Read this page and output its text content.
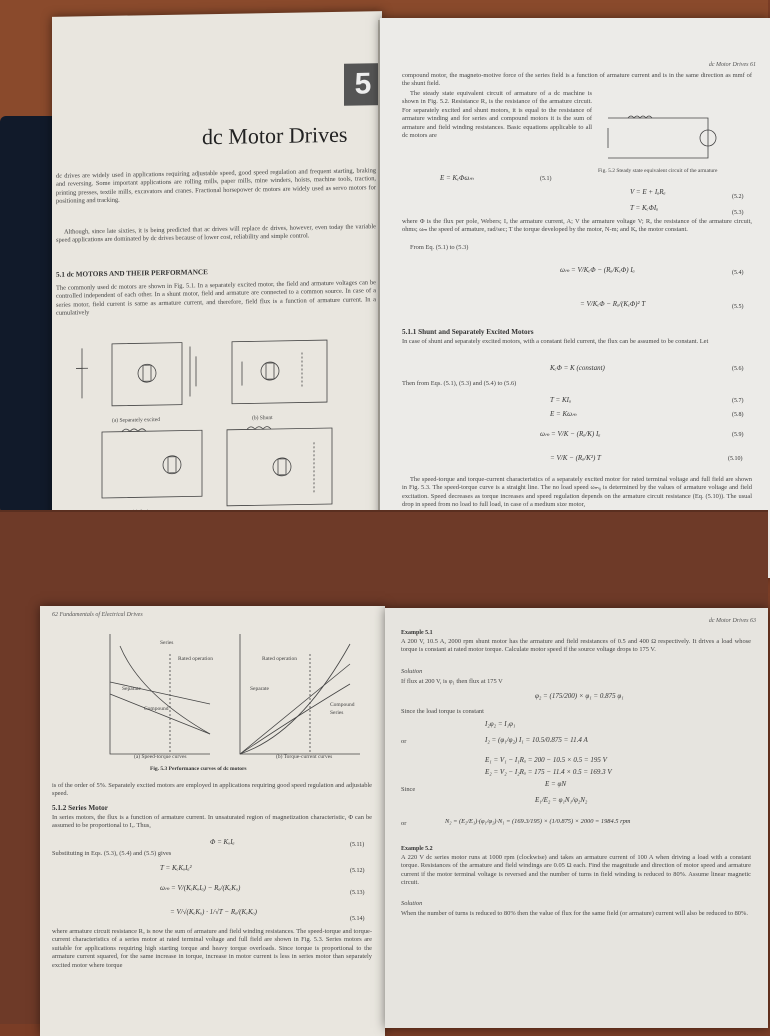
5
dc Motor Drives
dc drives are widely used in applications requiring adjustable speed, good speed regulation and frequent starting, braking and reversing. Some important applications are rolling mills, paper mills, mine winders, hoists, machine tools, traction, printing presses, textile mills, excavators and cranes. Fractional horsepower dc motors are widely used as servo motors for positioning and tracking.
Although, since late sixties, it is being predicted that ac drives will replace dc drives, however, even today the variable speed applications are dominated by dc drives because of lower cost, reliability and simple control.
5.1 dc MOTORS AND THEIR PERFORMANCE
The commonly used dc motors are shown in Fig. 5.1. In a separately excited motor, the field and armature voltages can be controlled independent of each other. In a shunt motor, field and armature are connected to a common source. In case of a series motor, field current is same as armature current, and therefore, field flux is a function of armature current. In a cumulatively
(a) Separately excited	(b) Shunt
dc Motor Drives 61
compound motor, the magneto-motive force of the series field is a function of armature current and is in the same direction as mmf of the shunt field.
The steady state equivalent circuit of armature of a dc machine is shown in Fig. 5.2. Resistance Rₐ is the resistance of the armature circuit. For separately excited and shunt motors, it is equal to the resistance of armature winding and for series and compound motors it is the sum of armature and field winding resistances. Basic equations applicable to all dc motors are
Fig. 5.2 Steady state equivalent circuit of the armature
E = KₑΦωₘ	(5.1)
V = E + IₐRₐ
(5.2)
T = KₑΦIₐ
(5.3)
where Φ is the flux per pole, Webers; Iₐ the armature current, A; V the armature voltage V; Rₐ the resistance of the armature circuit, ohms; ωₘ the speed of armature, rad/sec; T the torque developed by the motor, N-m; and Kₑ the motor constant.
From Eq. (5.1) to (5.3)
ωₘ = V/KₑΦ − (Rₐ/KₑΦ) Iₐ	(5.4)
= V/KₑΦ − Rₐ/(KₑΦ)² T	(5.5)
5.1.1 Shunt and Separately Excited Motors
In case of shunt and separately excited motors, with a constant field current, the flux can be assumed to be constant. Let
KₑΦ = K (constant)	(5.6)
Then from Eqs. (5.1), (5.3) and (5.4) to (5.6)
T = KIₐ	(5.7)
E = Kωₘ	(5.8)
ωₘ = V/K − (Rₐ/K) Iₐ	(5.9)
= V/K − (Rₐ/K²) T	(5.10)
The speed-torque and torque-current characteristics of a separately excited motor for rated terminal voltage and full field are shown in Fig. 5.3. The speed-torque curve is a straight line. The no load speed ωₘ₀ is determined by the values of armature voltage and field excitation. Speed decreases as torque increases and speed regulation depends on the armature circuit resistance (Eq. (5.10)). The usual drop in speed from no load to full load, in case of a medium size motor,
62 Fundamentals of Electrical Drives
Series
Rated operation
Separate
Compound
Rated operation
Separate
Compound
Series
(a) Speed-torque curves	(b) Torque-current curves
Fig. 5.3 Performance curves of dc motors
is of the order of 5%. Separately excited motors are employed in applications requiring good speed regulation and adjustable speed.
5.1.2 Series Motor
In series motors, the flux is a function of armature current. In unsaturated region of magnetization characteristic, Φ can be assumed to be proportional to Iₐ. Thus,
Φ = KₒIₐ	(5.11)
Substituting in Eqs. (5.3), (5.4) and (5.5) gives
T = KₑKₒIₐ²	(5.12)
ωₘ = V/(KₑKₒIₐ) − Rₐ/(KₑKₒ)
(5.13)
= V/√(KₑKₒ) · 1/√T − Rₐ/(KₑKₒ)
(5.14)
where armature circuit resistance Rₐ is now the sum of armature and field winding resistances. The speed-torque and torque-current characteristics of a series motor at rated terminal voltage and full field are shown in Fig. 5.3. Series motors are suitable for applications requiring high starting torque and heavy torque overloads. Since torque is proportional to the armature current squared, for the same increase in torque, increase in motor current is less in series motor than separately excited motor where torque
dc Motor Drives 63
Example 5.1
A 200 V, 10.5 A, 2000 rpm shunt motor has the armature and field resistances of 0.5 and 400 Ω respectively. It drives a load whose torque is constant at rated motor torque. Calculate motor speed if the source voltage drops to 175 V.
Solution
If flux at 200 V, is φ₁ then flux at 175 V
φ₂ = (175/200) × φ₁ = 0.875 φ₁
Since the load torque is constant
I₂φ₂ = I₁φ₁
or	I₂ = (φ₁/φ₂) I₁ = 10.5/0.875 = 11.4 A
E₁ = V₁ − I₁Rₐ = 200 − 10.5 × 0.5 = 195 V
E₂ = V₂ − I₂Rₐ = 175 − 11.4 × 0.5 = 169.3 V
E = φN
Since
E₁/E₂ = φ₁N₁/φ₂N₂
or	N₂ = (E₂/E₁)·(φ₁/φ₂)·N₁ = (169.3/195) × (1/0.875) × 2000 = 1984.5 rpm
Example 5.2
A 220 V dc series motor runs at 1000 rpm (clockwise) and takes an armature current of 100 A when driving a load with a constant torque. Resistances of the armature and field windings are 0.05 Ω each. Find the magnitude and direction of motor speed and armature current if the motor terminal voltage is reversed and the number of turns in field winding is reduced to 80%. Assume linear magnetic circuit.
Solution
When the number of turns is reduced to 80% then the value of flux for the same field (or armature) current will also be reduced to 80%.
